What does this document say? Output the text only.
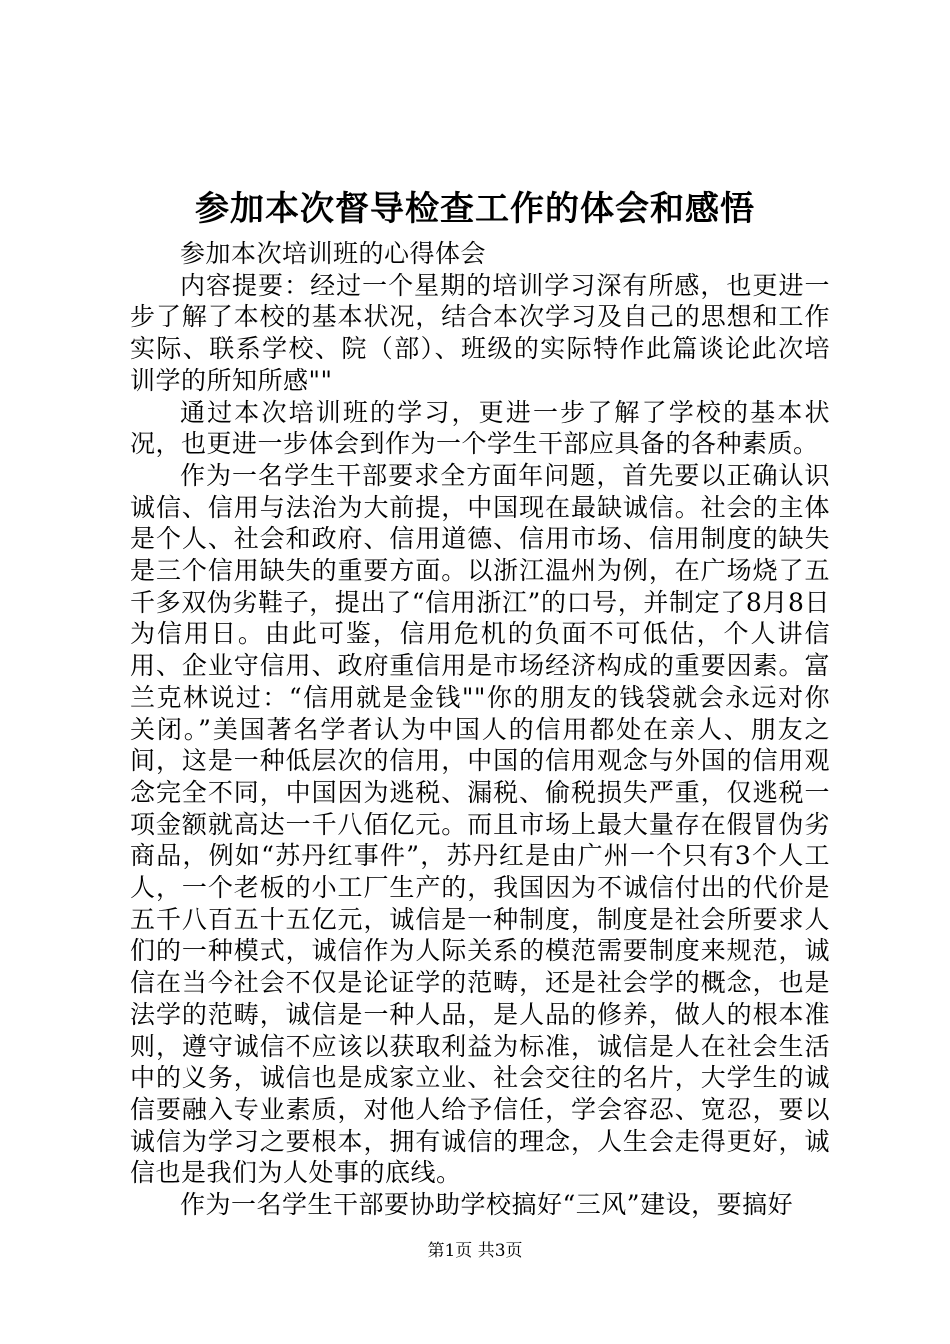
参加本次督导检查工作的体会和感悟

参加本次培训班的心得体会

内容提要：经过一个星期的培训学习深有所感，也更进一步了解了本校的基本状况，结合本次学习及自己的思想和工作实际、联系学校、院（部）、班级的实际特作此篇谈论此次培训学的所知所感""

通过本次培训班的学习，更进一步了解了学校的基本状况，也更进一步体会到作为一个学生干部应具备的各种素质。

作为一名学生干部要求全方面年问题，首先要以正确认识诚信、信用与法治为大前提，中国现在最缺诚信。社会的主体是个人、社会和政府、信用道德、信用市场、信用制度的缺失是三个信用缺失的重要方面。以浙江温州为例，在广场烧了五千多双伪劣鞋子，提出了“信用浙江”的口号，并制定了8月8日为信用日。由此可鉴，信用危机的负面不可低估，个人讲信用、企业守信用、政府重信用是市场经济构成的重要因素。富兰克林说过：“信用就是金钱""你的朋友的钱袋就会永远对你关闭。”美国著名学者认为中国人的信用都处在亲人、朋友之间，这是一种低层次的信用，中国的信用观念与外国的信用观念完全不同，中国因为逃税、漏税、偷税损失严重，仅逃税一项金额就高达一千八佰亿元。而且市场上最大量存在假冒伪劣商品，例如“苏丹红事件”，苏丹红是由广州一个只有3个人工人，一个老板的小工厂生产的，我国因为不诚信付出的代价是五千八百五十五亿元，诚信是一种制度，制度是社会所要求人们的一种模式，诚信作为人际关系的模范需要制度来规范，诚信在当今社会不仅是论证学的范畴，还是社会学的概念，也是法学的范畴，诚信是一种人品，是人品的修养，做人的根本准则，遵守诚信不应该以获取利益为标准，诚信是人在社会生活中的义务，诚信也是成家立业、社会交往的名片，大学生的诚信要融入专业素质，对他人给予信任，学会容忍、宽忍，要以诚信为学习之要根本，拥有诚信的理念，人生会走得更好，诚信也是我们为人处事的底线。

作为一名学生干部要协助学校搞好“三风”建设，要搞好

第1页 共3页
